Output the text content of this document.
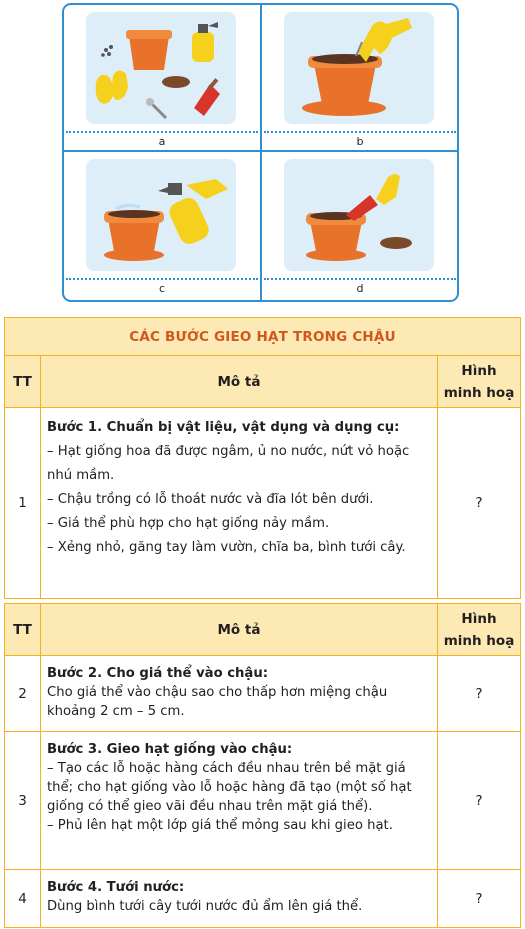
a	b
c	d
CÁC BƯỚC GIEO HẠT TRONG CHẬU		
TT	Mô tả	Hình
minh hoạ

1	Bước 1. Chuẩn bị vật liệu, vật dụng và dụng cụ:
– Hạt giống hoa đã được ngâm, ủ no nước, nứt vỏ hoặc nhú mầm.
– Chậu trồng có lỗ thoát nước và đĩa lót bên dưới.
– Giá thể phù hợp cho hạt giống nảy mầm.
– Xẻng nhỏ, găng tay làm vườn, chĩa ba, bình tưới cây.	?
TT	Mô tả	Hình
minh hoạ

2	Bước 2. Cho giá thể vào chậu:
Cho giá thể vào chậu sao cho thấp hơn miệng chậu khoảng 2 cm – 5 cm.	?
3	Bước 3. Gieo hạt giống vào chậu:
– Tạo các lỗ hoặc hàng cách đều nhau trên bề mặt giá thể; cho hạt giống vào lỗ hoặc hàng đã tạo (một số hạt giống có thể gieo vãi đều nhau trên mặt giá thể).
– Phủ lên hạt một lớp giá thể mỏng sau khi gieo hạt.	?
4	Bước 4. Tưới nước:
Dùng bình tưới cây tưới nước đủ ẩm lên giá thể.	?
